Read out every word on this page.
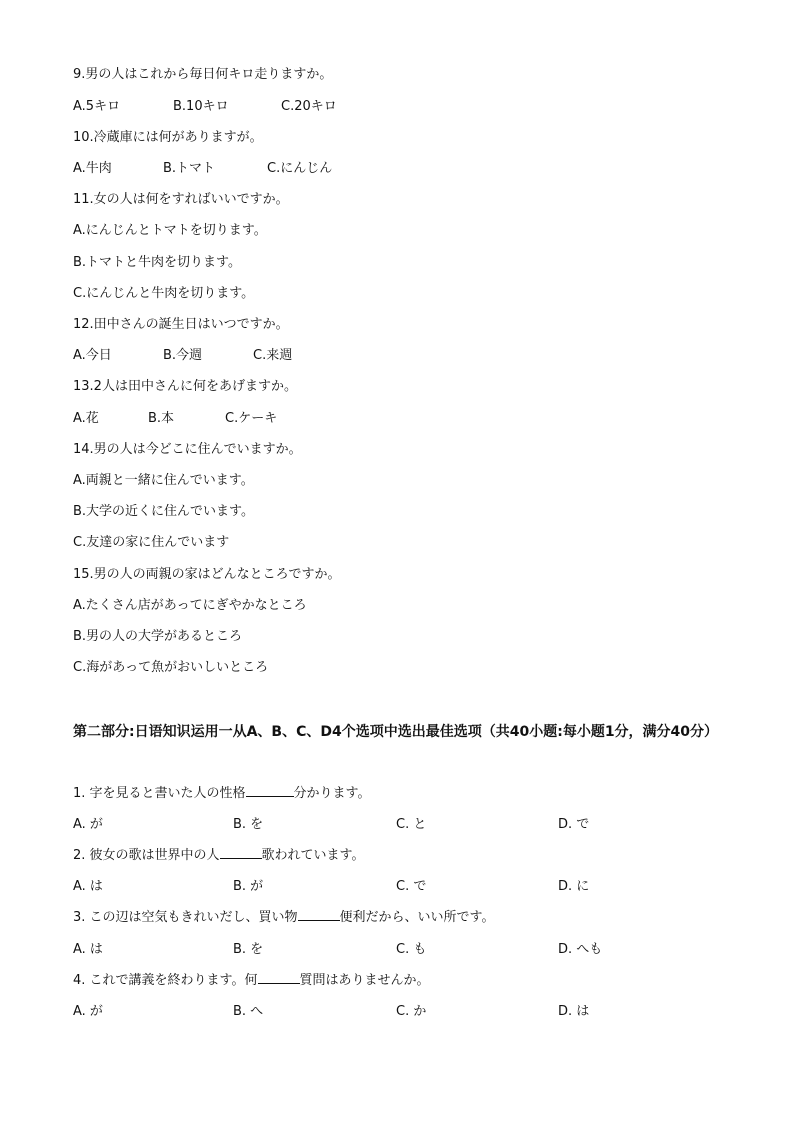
9.男の人はこれから毎日何キロ走りますか。
A.5キロ	B.10キロ	C.20キロ
10.冷蔵庫には何がありますが。
A.牛肉	B.トマト	C.にんじん
11.女の人は何をすればいいですか。
A.にんじんとトマトを切ります。
B.トマトと牛肉を切ります。
C.にんじんと牛肉を切ります。
12.田中さんの誕生日はいつですか。
A.今日	B.今週	C.来週
13.2人は田中さんに何をあげますか。
A.花	B.本	C.ケーキ
14.男の人は今どこに住んでいますか。
A.両親と一緒に住んでいます。
B.大学の近くに住んでいます。
C.友達の家に住んでいます
15.男の人の両親の家はどんなところですか。
A.たくさん店があってにぎやかなところ
B.男の人の大学があるところ
C.海があって魚がおいしいところ
第二部分:日语知识运用一从A、B、C、D4个选项中选出最佳选项（共40小题:每小题1分，满分40分）
1. 字を見ると書いた人の性格	分かります。
A. が	B. を	C. と	D. で
2. 彼女の歌は世界中の人	歌われています。
A. は	B. が	C. で	D. に
3. この辺は空気もきれいだし、買い物	便利だから、いい所です。
A. は	B. を	C. も	D. へも
4. これで講義を終わります。何	質問はありませんか。
A. が	B. へ	C. か	D. は
